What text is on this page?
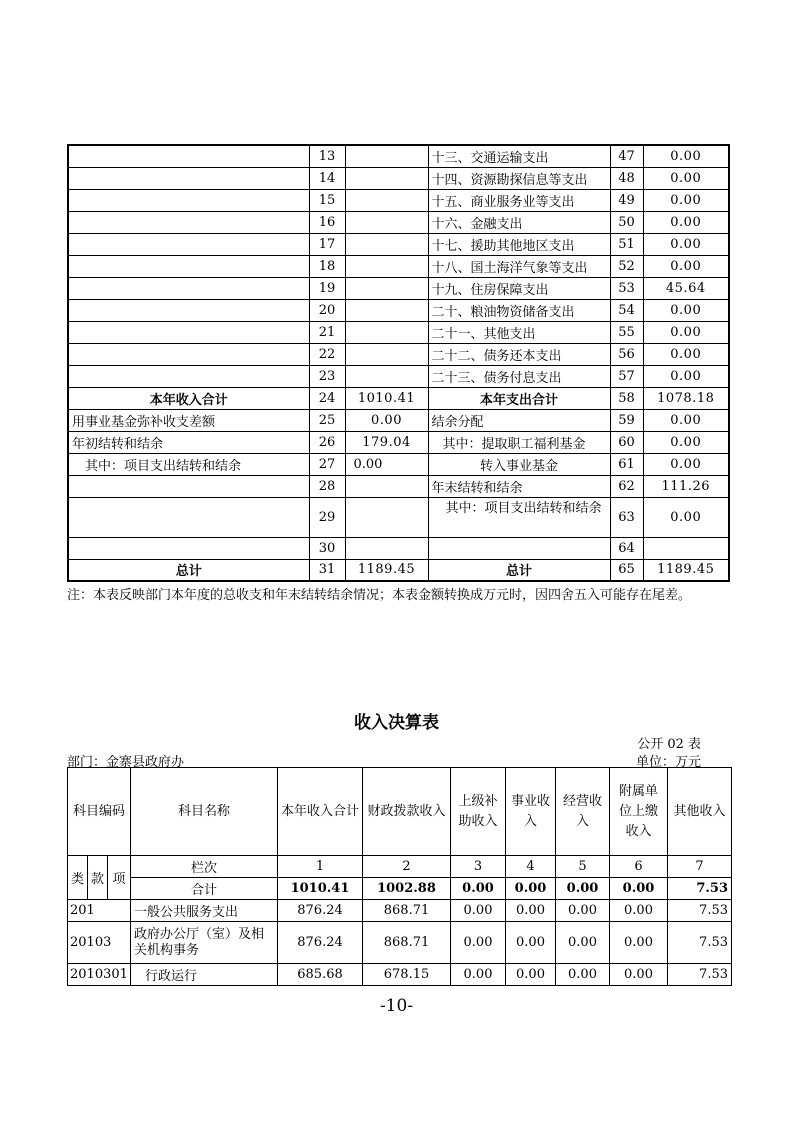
	13		十三、交通运输支出	47	0.00
	14		十四、资源勘探信息等支出	48	0.00
	15		十五、商业服务业等支出	49	0.00
	16		十六、金融支出	50	0.00
	17		十七、援助其他地区支出	51	0.00
	18		十八、国土海洋气象等支出	52	0.00
	19		十九、住房保障支出	53	45.64
	20		二十、粮油物资储备支出	54	0.00
	21		二十一、其他支出	55	0.00
	22		二十二、债务还本支出	56	0.00
	23		二十三、债务付息支出	57	0.00
本年收入合计	24	1010.41	本年支出合计	58	1078.18
用事业基金弥补收支差额	25	0.00	结余分配	59	0.00
年初结转和结余	26	179.04	其中：提取职工福利基金	60	0.00
其中：项目支出结转和结余	27	0.00	转入事业基金	61	0.00
	28		年末结转和结余	62	111.26
	29		其中：项目支出结转和结余	63	0.00
	30			64	
总计	31	1189.45	总计	65	1189.45
注：本表反映部门本年度的总收支和年末结转结余情况；本表金额转换成万元时，因四舍五入可能存在尾差。
收入决算表
公开 02 表
部门：金寨县政府办	单位：万元
科目编码			科目名称	本年收入合计	财政拨款收入	上级补助收入	事业收入	经营收入	附属单位上缴收入	其他收入
类	款	项	栏次	1	2	3	4	5	6	7
			合计	1010.41	1002.88	0.00	0.00	0.00	0.00	7.53
201			一般公共服务支出	876.24	868.71	0.00	0.00	0.00	0.00	7.53
20103			政府办公厅（室）及相关机构事务	876.24	868.71	0.00	0.00	0.00	0.00	7.53
2010301			行政运行	685.68	678.15	0.00	0.00	0.00	0.00	7.53
-10-
